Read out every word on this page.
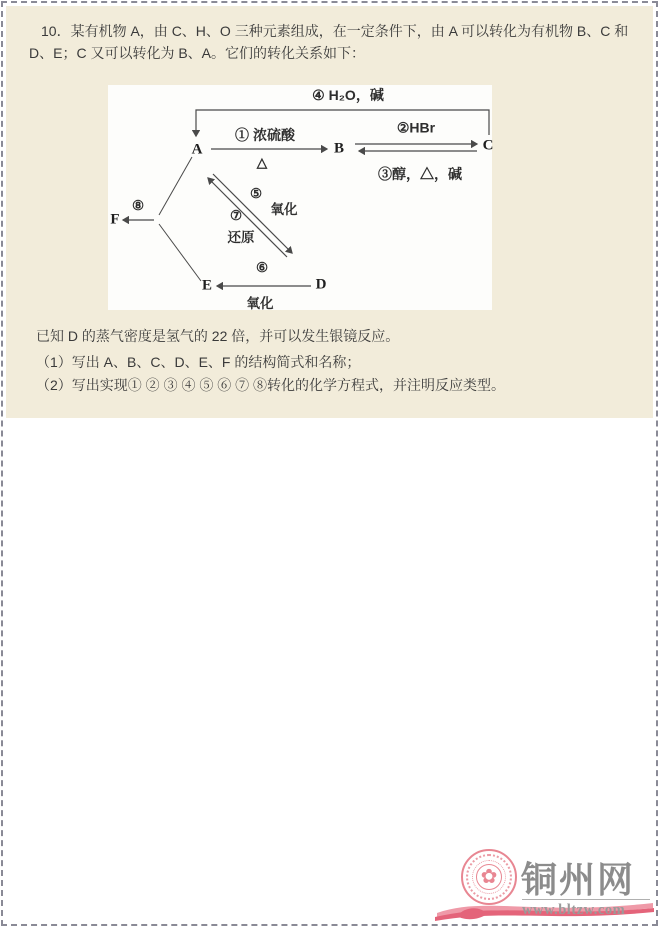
10．某有机物 A，由 C、H、O 三种元素组成，在一定条件下，由 A 可以转化为有机物 B、C 和 D、E；C 又可以转化为 B、A。它们的转化关系如下：

A	B	C
D
E
F
④ H₂O，碱
① 浓硫酸
△
②HBr
③醇，△，碱
⑤
氧化
⑦
还原
⑧
⑥
氧化
已知 D 的蒸气密度是氢气的 22 倍，并可以发生银镜反应。
（1）写出 A、B、C、D、E、F 的结构简式和名称；
（2）写出实现① ② ③ ④ ⑤ ⑥ ⑦ ⑧转化的化学方程式，并注明反应类型。
✿ 铜州网
www.bltzw.com
